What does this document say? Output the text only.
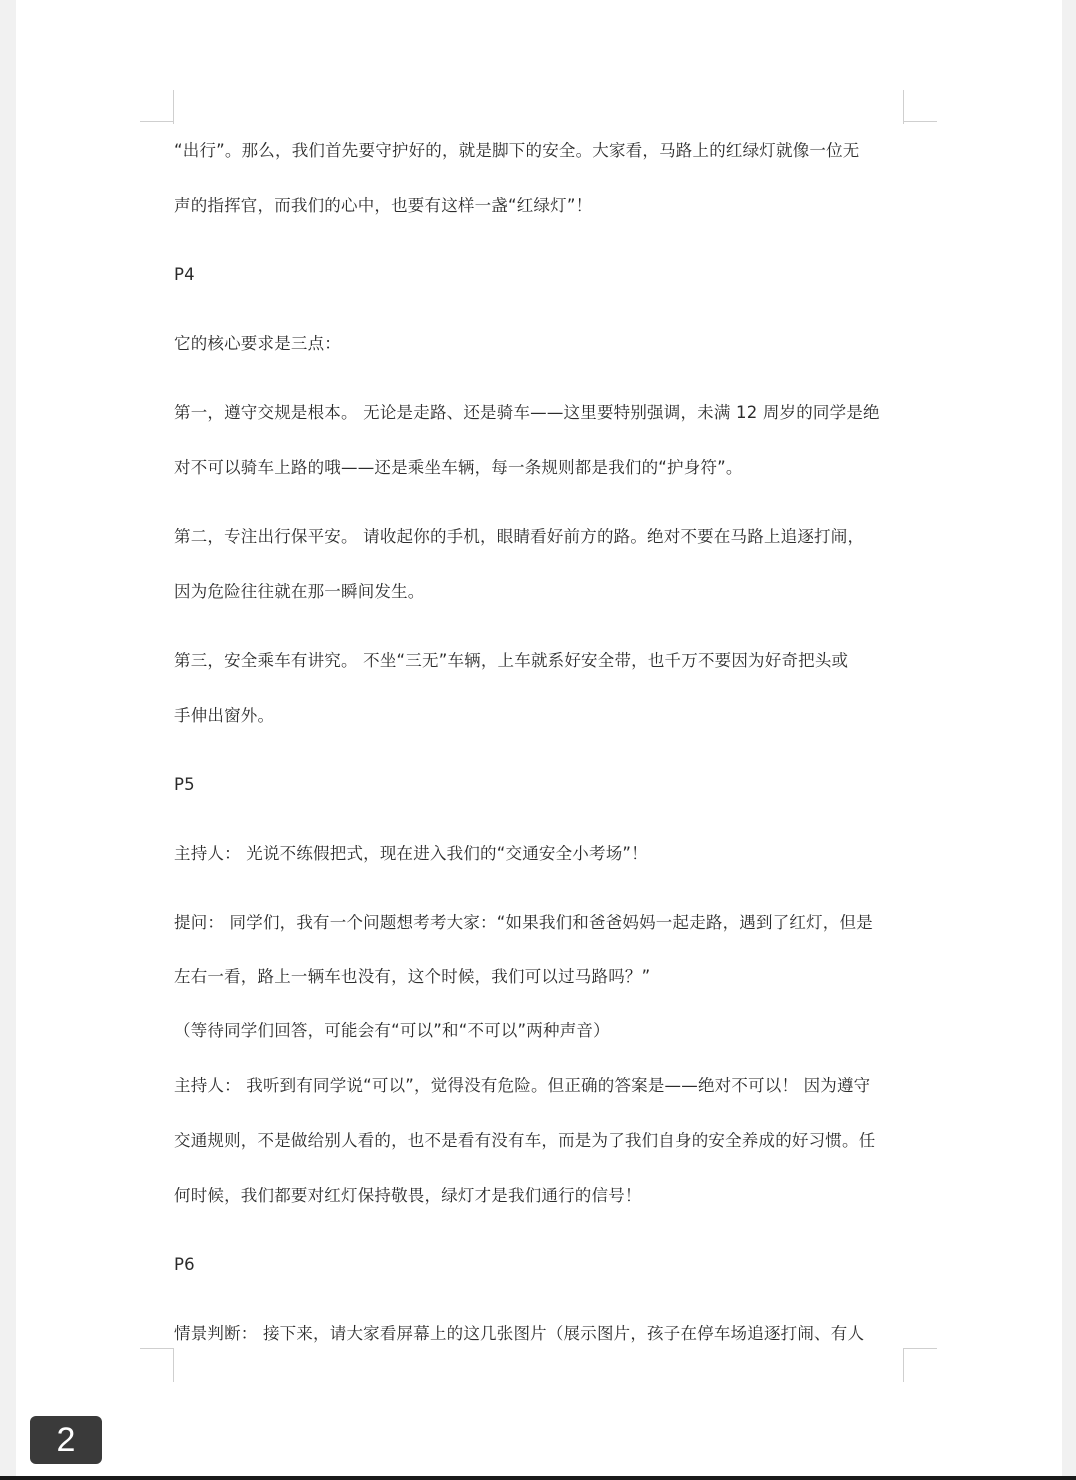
“出行”。那么，我们首先要守护好的，就是脚下的安全。大家看，马路上的红绿灯就像一位无
声的指挥官，而我们的心中，也要有这样一盏“红绿灯”！
P4
它的核心要求是三点：
第一，遵守交规是根本。 无论是走路、还是骑车——这里要特别强调，未满 12 周岁的同学是绝
对不可以骑车上路的哦——还是乘坐车辆，每一条规则都是我们的“护身符”。
第二，专注出行保平安。 请收起你的手机，眼睛看好前方的路。绝对不要在马路上追逐打闹，
因为危险往往就在那一瞬间发生。
第三，安全乘车有讲究。 不坐“三无”车辆，上车就系好安全带，也千万不要因为好奇把头或
手伸出窗外。
P5
主持人： 光说不练假把式，现在进入我们的“交通安全小考场”！
提问： 同学们，我有一个问题想考考大家：“如果我们和爸爸妈妈一起走路，遇到了红灯，但是
左右一看，路上一辆车也没有，这个时候，我们可以过马路吗？”
（等待同学们回答，可能会有“可以”和“不可以”两种声音）
主持人： 我听到有同学说“可以”，觉得没有危险。但正确的答案是——绝对不可以！ 因为遵守
交通规则，不是做给别人看的，也不是看有没有车，而是为了我们自身的安全养成的好习惯。任
何时候，我们都要对红灯保持敬畏，绿灯才是我们通行的信号！
P6
情景判断： 接下来，请大家看屏幕上的这几张图片（展示图片，孩子在停车场追逐打闹、有人
2
